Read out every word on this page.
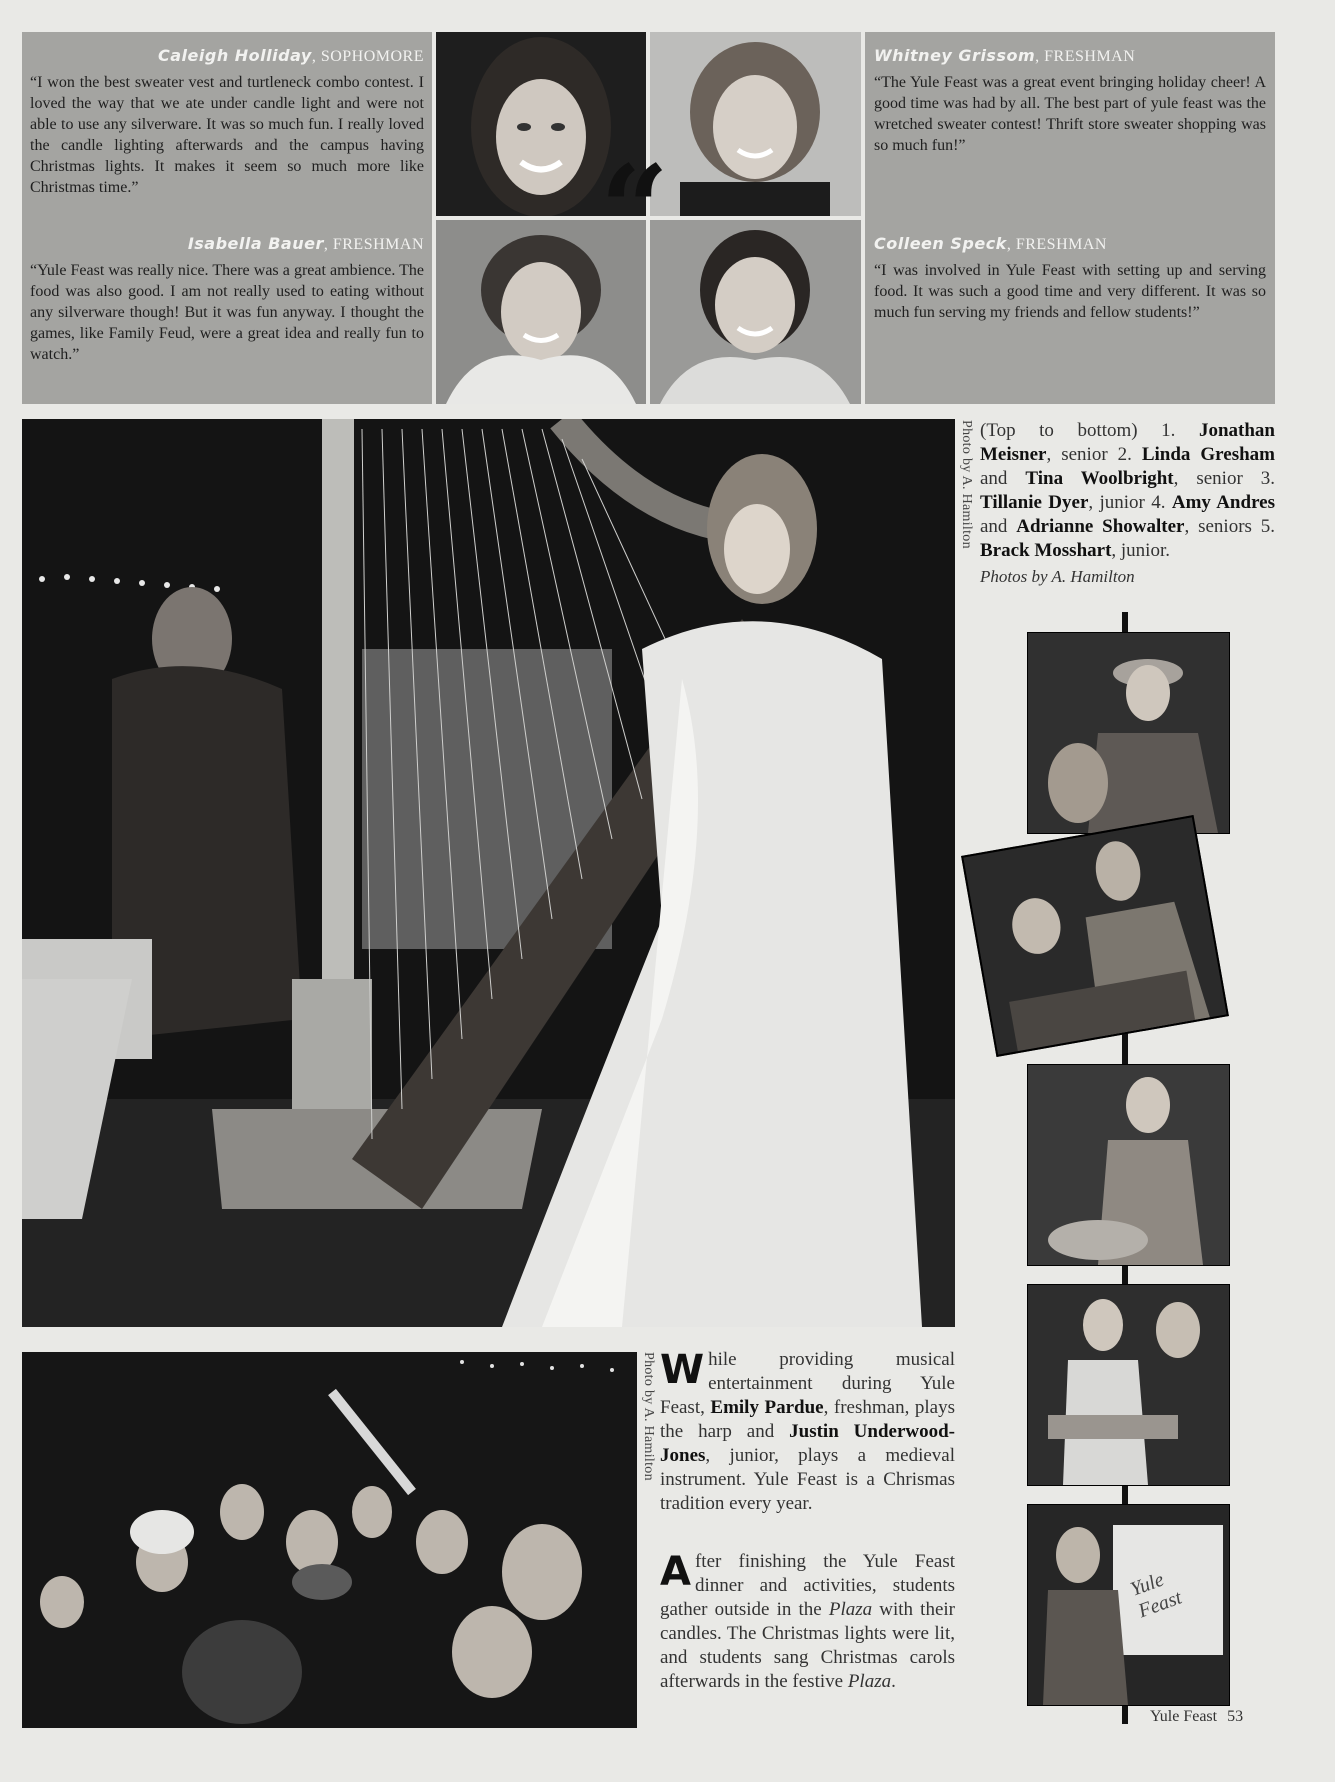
Caleigh Holliday, SOPHOMORE
“I won the best sweater vest and turtleneck combo contest. I loved the way that we ate under candle light and were not able to use any silverware. It was so much fun. I really loved the candle lighting afterwards and the campus having Christmas lights. It makes it seem so much more like Christmas time.”
Isabella Bauer, FRESHMAN
“Yule Feast was really nice. There was a great ambience. The food was also good. I am not really used to eating without any silverware though! But it was fun anyway. I thought the games, like Family Feud, were a great idea and really fun to watch.”
Whitney Grissom, FRESHMAN
“The Yule Feast was a great event bringing holiday cheer! A good time was had by all. The best part of yule feast was the wretched sweater contest! Thrift store sweater shopping was so much fun!”
Colleen Speck, FRESHMAN
“I was involved in Yule Feast with setting up and serving food. It was such a good time and very different. It was so much fun serving my friends and fellow students!”
“
Photo by A. Hamilton (Top to bottom) 1. Jonathan Meisner, senior 2. Linda Gresham and Tina Woolbright, senior 3. Tillanie Dyer, junior 4. Amy Andres and Adrianne Showalter, seniors 5. Brack Mosshart, junior.
Photos by A. Hamilton
Yule Feast
Photo by A. Hamilton While providing musical entertainment during Yule Feast, Emily Pardue, freshman, plays the harp and Justin Underwood-Jones, junior, plays a medieval instrument. Yule Feast is a Chrismas tradition every year.
After finishing the Yule Feast dinner and activities, students gather outside in the Plaza with their candles. The Christmas lights were lit, and students sang Christmas carols afterwards in the festive Plaza.
Yule Feast 53
